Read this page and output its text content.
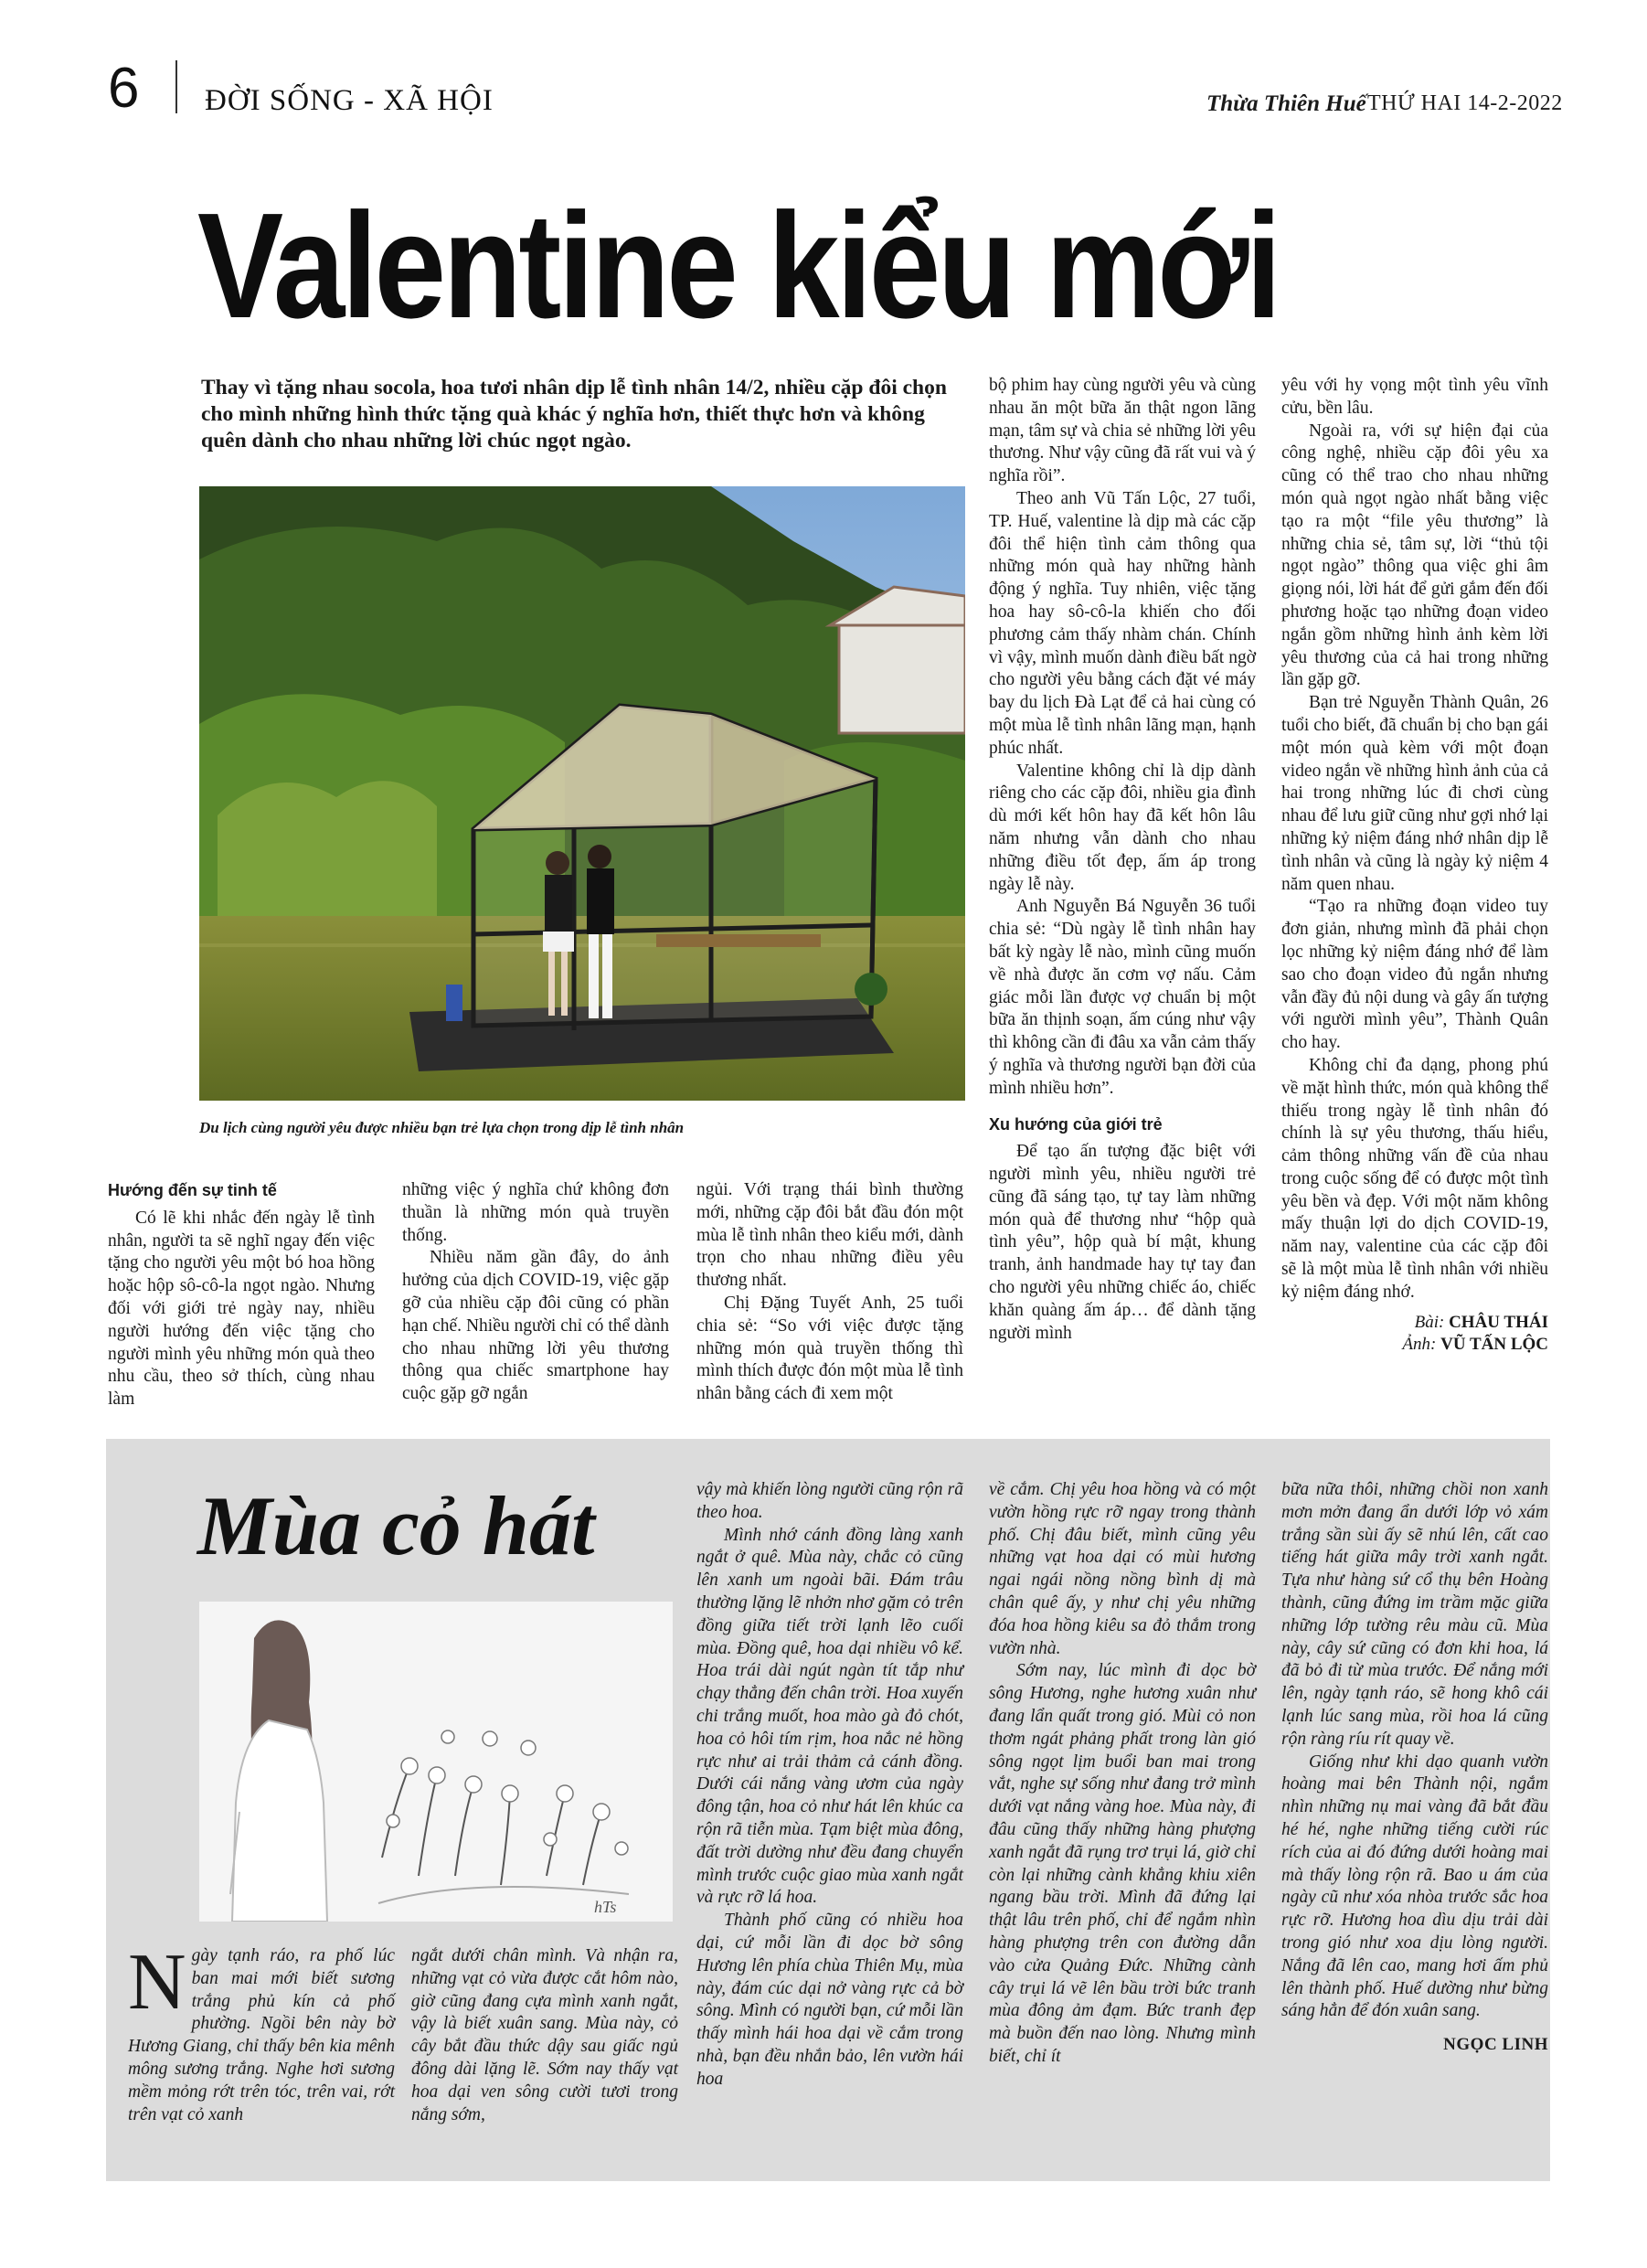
6 ĐỜI SỐNG - XÃ HỘI	Thừa Thiên Huế THỨ HAI 14-2-2022
Valentine kiểu mới
Thay vì tặng nhau socola, hoa tươi nhân dịp lễ tình nhân 14/2, nhiều cặp đôi chọn cho mình những hình thức tặng quà khác ý nghĩa hơn, thiết thực hơn và không quên dành cho nhau những lời chúc ngọt ngào.
Du lịch cùng người yêu được nhiều bạn trẻ lựa chọn trong dịp lễ tình nhân

Hướng đến sự tinh tế

Có lẽ khi nhắc đến ngày lễ tình nhân, người ta sẽ nghĩ ngay đến việc tặng cho người yêu một bó hoa hồng hoặc hộp sô-cô-la ngọt ngào. Nhưng đối với giới trẻ ngày nay, nhiều người hướng đến việc tặng cho người mình yêu những món quà theo nhu cầu, theo sở thích, cùng nhau làm

những việc ý nghĩa chứ không đơn thuần là những món quà truyền thống.

Nhiều năm gần đây, do ảnh hưởng của dịch COVID-19, việc gặp gỡ của nhiều cặp đôi cũng có phần hạn chế. Nhiều người chỉ có thể dành cho nhau những lời yêu thương thông qua chiếc smartphone hay cuộc gặp gỡ ngắn

ngủi. Với trạng thái bình thường mới, những cặp đôi bắt đầu đón một mùa lễ tình nhân theo kiểu mới, dành trọn cho nhau những điều yêu thương nhất.

Chị Đặng Tuyết Anh, 25 tuổi chia sẻ: “So với việc được tặng những món quà truyền thống thì mình thích được đón một mùa lễ tình nhân bằng cách đi xem một

bộ phim hay cùng người yêu và cùng nhau ăn một bữa ăn thật ngon lãng mạn, tâm sự và chia sẻ những lời yêu thương. Như vậy cũng đã rất vui và ý nghĩa rồi”.

Theo anh Vũ Tấn Lộc, 27 tuổi, TP. Huế, valentine là dịp mà các cặp đôi thể hiện tình cảm thông qua những món quà hay những hành động ý nghĩa. Tuy nhiên, việc tặng hoa hay sô-cô-la khiến cho đối phương cảm thấy nhàm chán. Chính vì vậy, mình muốn dành điều bất ngờ cho người yêu bằng cách đặt vé máy bay du lịch Đà Lạt để cả hai cùng có một mùa lễ tình nhân lãng mạn, hạnh phúc nhất.

Valentine không chỉ là dịp dành riêng cho các cặp đôi, nhiều gia đình dù mới kết hôn hay đã kết hôn lâu năm nhưng vẫn dành cho nhau những điều tốt đẹp, ấm áp trong ngày lễ này.

Anh Nguyễn Bá Nguyễn 36 tuổi chia sẻ: “Dù ngày lễ tình nhân hay bất kỳ ngày lễ nào, mình cũng muốn về nhà được ăn cơm vợ nấu. Cảm giác mỗi lần được vợ chuẩn bị một bữa ăn thịnh soạn, ấm cúng như vậy thì không cần đi đâu xa vẫn cảm thấy ý nghĩa và thương người bạn đời của mình nhiều hơn”.

Xu hướng của giới trẻ

Để tạo ấn tượng đặc biệt với người mình yêu, nhiều người trẻ cũng đã sáng tạo, tự tay làm những món quà để thương như “hộp quà tình yêu”, hộp quà bí mật, khung tranh, ảnh handmade hay tự tay đan cho người yêu những chiếc áo, chiếc khăn quàng ấm áp… để dành tặng người mình

yêu với hy vọng một tình yêu vĩnh cửu, bền lâu.

Ngoài ra, với sự hiện đại của công nghệ, nhiều cặp đôi yêu xa cũng có thể trao cho nhau những món quà ngọt ngào nhất bằng việc tạo ra một “file yêu thương” là những chia sẻ, tâm sự, lời “thủ tội ngọt ngào” thông qua việc ghi âm giọng nói, lời hát để gửi gắm đến đối phương hoặc tạo những đoạn video ngắn gồm những hình ảnh kèm lời yêu thương của cả hai trong những lần gặp gỡ.

Bạn trẻ Nguyễn Thành Quân, 26 tuổi cho biết, đã chuẩn bị cho bạn gái một món quà kèm với một đoạn video ngắn về những hình ảnh của cả hai trong những lúc đi chơi cùng nhau để lưu giữ cũng như gợi nhớ lại những kỷ niệm đáng nhớ nhân dịp lễ tình nhân và cũng là ngày kỷ niệm 4 năm quen nhau.

“Tạo ra những đoạn video tuy đơn giản, nhưng mình đã phải chọn lọc những kỷ niệm đáng nhớ để làm sao cho đoạn video đủ ngắn nhưng vẫn đầy đủ nội dung và gây ấn tượng với người mình yêu”, Thành Quân cho hay.

Không chỉ đa dạng, phong phú về mặt hình thức, món quà không thể thiếu trong ngày lễ tình nhân đó chính là sự yêu thương, thấu hiểu, cảm thông những vấn đề của nhau trong cuộc sống để có được một tình yêu bền và đẹp. Với một năm không mấy thuận lợi do dịch COVID-19, năm nay, valentine của các cặp đôi sẽ là một mùa lễ tình nhân với nhiều kỷ niệm đáng nhớ.

Bài: CHÂU THÁI
Ảnh: VŨ TẤN LỘC
Mùa cỏ hát
hTs

Ngày tạnh ráo, ra phố lúc ban mai mới biết sương trắng phủ kín cả phố phường. Ngồi bên này bờ Hương Giang, chỉ thấy bên kia mênh mông sương trắng. Nghe hơi sương mềm mỏng rớt trên tóc, trên vai, rớt trên vạt cỏ xanh

ngắt dưới chân mình. Và nhận ra, những vạt cỏ vừa được cắt hôm nào, giờ cũng đang cựa mình xanh ngắt, vậy là biết xuân sang. Mùa này, cỏ cây bắt đầu thức dậy sau giấc ngủ đông dài lặng lẽ. Sớm nay thấy vạt hoa dại ven sông cười tươi trong nắng sớm,

vậy mà khiến lòng người cũng rộn rã theo hoa.

Mình nhớ cánh đồng làng xanh ngắt ở quê. Mùa này, chắc cỏ cũng lên xanh um ngoài bãi. Đám trâu thường lặng lẽ nhởn nhơ gặm cỏ trên đồng giữa tiết trời lạnh lẽo cuối mùa. Đồng quê, hoa dại nhiều vô kể. Hoa trái dài ngút ngàn tít tắp như chạy thẳng đến chân trời. Hoa xuyến chi trắng muốt, hoa mào gà đỏ chót, hoa cỏ hôi tím rịm, hoa nắc nẻ hồng rực như ai trải thảm cả cánh đồng. Dưới cái nắng vàng ươm của ngày đông tận, hoa cỏ như hát lên khúc ca rộn rã tiễn mùa. Tạm biệt mùa đông, đất trời dường như đều đang chuyển mình trước cuộc giao mùa xanh ngắt và rực rỡ lá hoa.

Thành phố cũng có nhiều hoa dại, cứ mỗi lần đi dọc bờ sông Hương lên phía chùa Thiên Mụ, mùa này, đám cúc dại nở vàng rực cả bờ sông. Mình có người bạn, cứ mỗi lần thấy mình hái hoa dại về cắm trong nhà, bạn đều nhắn bảo, lên vườn hái hoa

về cắm. Chị yêu hoa hồng và có một vườn hồng rực rỡ ngay trong thành phố. Chị đâu biết, mình cũng yêu những vạt hoa dại có mùi hương ngai ngái nồng nồng bình dị mà chân quê ấy, y như chị yêu những đóa hoa hồng kiêu sa đỏ thắm trong vườn nhà.

Sớm nay, lúc mình đi dọc bờ sông Hương, nghe hương xuân như đang lẩn quất trong gió. Mùi cỏ non thơm ngát phảng phất trong làn gió sông ngọt lịm buổi ban mai trong vắt, nghe sự sống như đang trở mình dưới vạt nắng vàng hoe. Mùa này, đi đâu cũng thấy những hàng phượng xanh ngắt đã rụng trơ trụi lá, giờ chỉ còn lại những cành khẳng khiu xiên ngang bầu trời. Mình đã đứng lại thật lâu trên phố, chỉ để ngắm nhìn hàng phượng trên con đường dẫn vào cửa Quảng Đức. Những cành cây trụi lá vẽ lên bầu trời bức tranh mùa đông ảm đạm. Bức tranh đẹp mà buồn đến nao lòng. Nhưng mình biết, chỉ ít

bữa nữa thôi, những chồi non xanh mơn mởn đang ẩn dưới lớp vỏ xám trắng sần sùi ấy sẽ nhú lên, cất cao tiếng hát giữa mây trời xanh ngắt. Tựa như hàng sứ cổ thụ bên Hoàng thành, cũng đứng im trầm mặc giữa những lớp tường rêu màu cũ. Mùa này, cây sứ cũng có đơn khi hoa, lá đã bỏ đi từ mùa trước. Để nắng mới lên, ngày tạnh ráo, sẽ hong khô cái lạnh lúc sang mùa, rồi hoa lá cũng rộn ràng ríu rít quay về.

Giống như khi dạo quanh vườn hoàng mai bên Thành nội, ngắm nhìn những nụ mai vàng đã bắt đầu hé hé, nghe những tiếng cười rúc rích của ai đó đứng dưới hoàng mai mà thấy lòng rộn rã. Bao u ám của ngày cũ như xóa nhòa trước sắc hoa rực rỡ. Hương hoa dìu dịu trải dài trong gió như xoa dịu lòng người. Nắng đã lên cao, mang hơi ấm phủ lên thành phố. Huế dường như bừng sáng hẳn để đón xuân sang.

NGỌC LINH
